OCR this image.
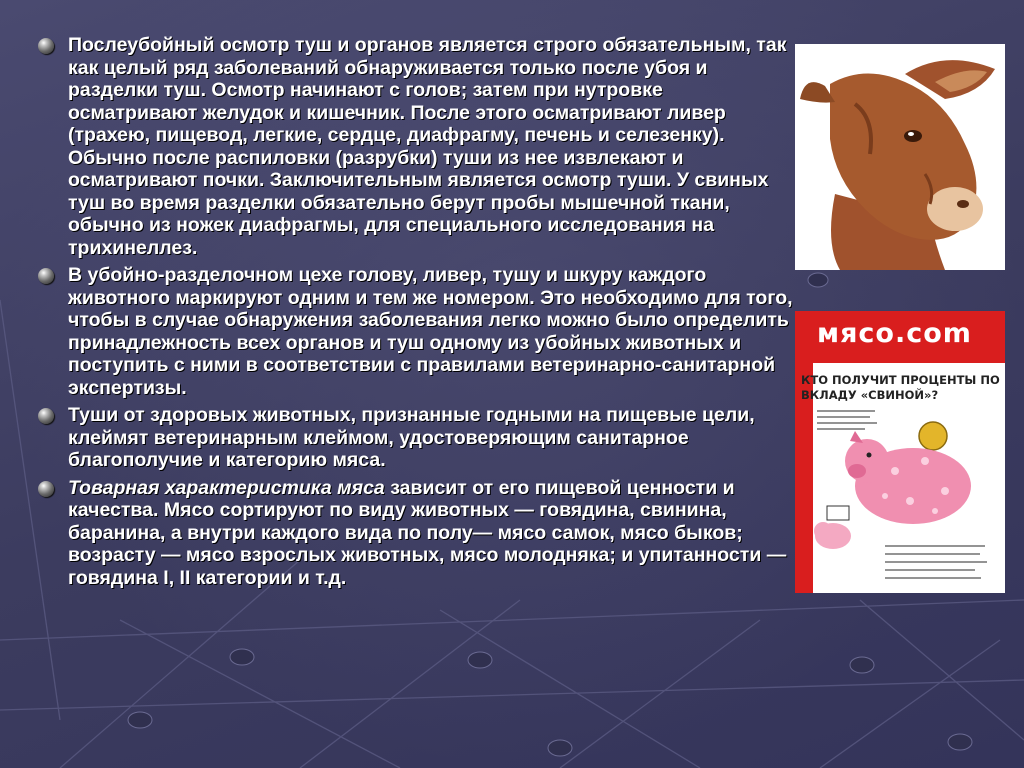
Послеубойный осмотр туш и органов является строго обязательным, так как целый ряд заболеваний обнаруживается только после убоя и разделки туш. Осмотр начинают с голов; затем при нутровке осматривают желудок и кишечник. После этого осматривают ливер (трахею, пищевод, легкие, сердце, диафрагму, печень и селезенку). Обычно после распиловки (разрубки) туши из нее извлекают и осматривают почки. Заключительным является осмотр туши. У свиных туш во время разделки обязательно берут пробы мышечной ткани, обычно из ножек диафрагмы, для специального исследования на трихинеллез.
В убойно-разделочном цехе голову, ливер, тушу и шкуру каждого животного маркируют одним и тем же номером. Это необходимо для того, чтобы в случае обнаружения заболевания легко можно было определить принадлежность всех органов и туш одному из убойных животных и поступить с ними в соответствии с правилами ветеринарно-санитарной экспертизы.
Туши от здоровых животных, признанные годными на пищевые цели, клеймят ветеринарным клеймом, удостоверяющим санитарное благополучие и категорию мяса.
Товарная характеристика мяса зависит от его пищевой ценности и качества. Мясо сортируют по виду животных — говядина, свинина, баранина, а внутри каждого вида по полу— мясо самок, мясо быков; возрасту — мясо взрослых животных, мясо молодняка; и упитанности — говядина I, II категории и т.д.
мясо.com
КТО ПОЛУЧИТ ПРОЦЕНТЫ ПО ВКЛАДУ «СВИНОЙ»?
